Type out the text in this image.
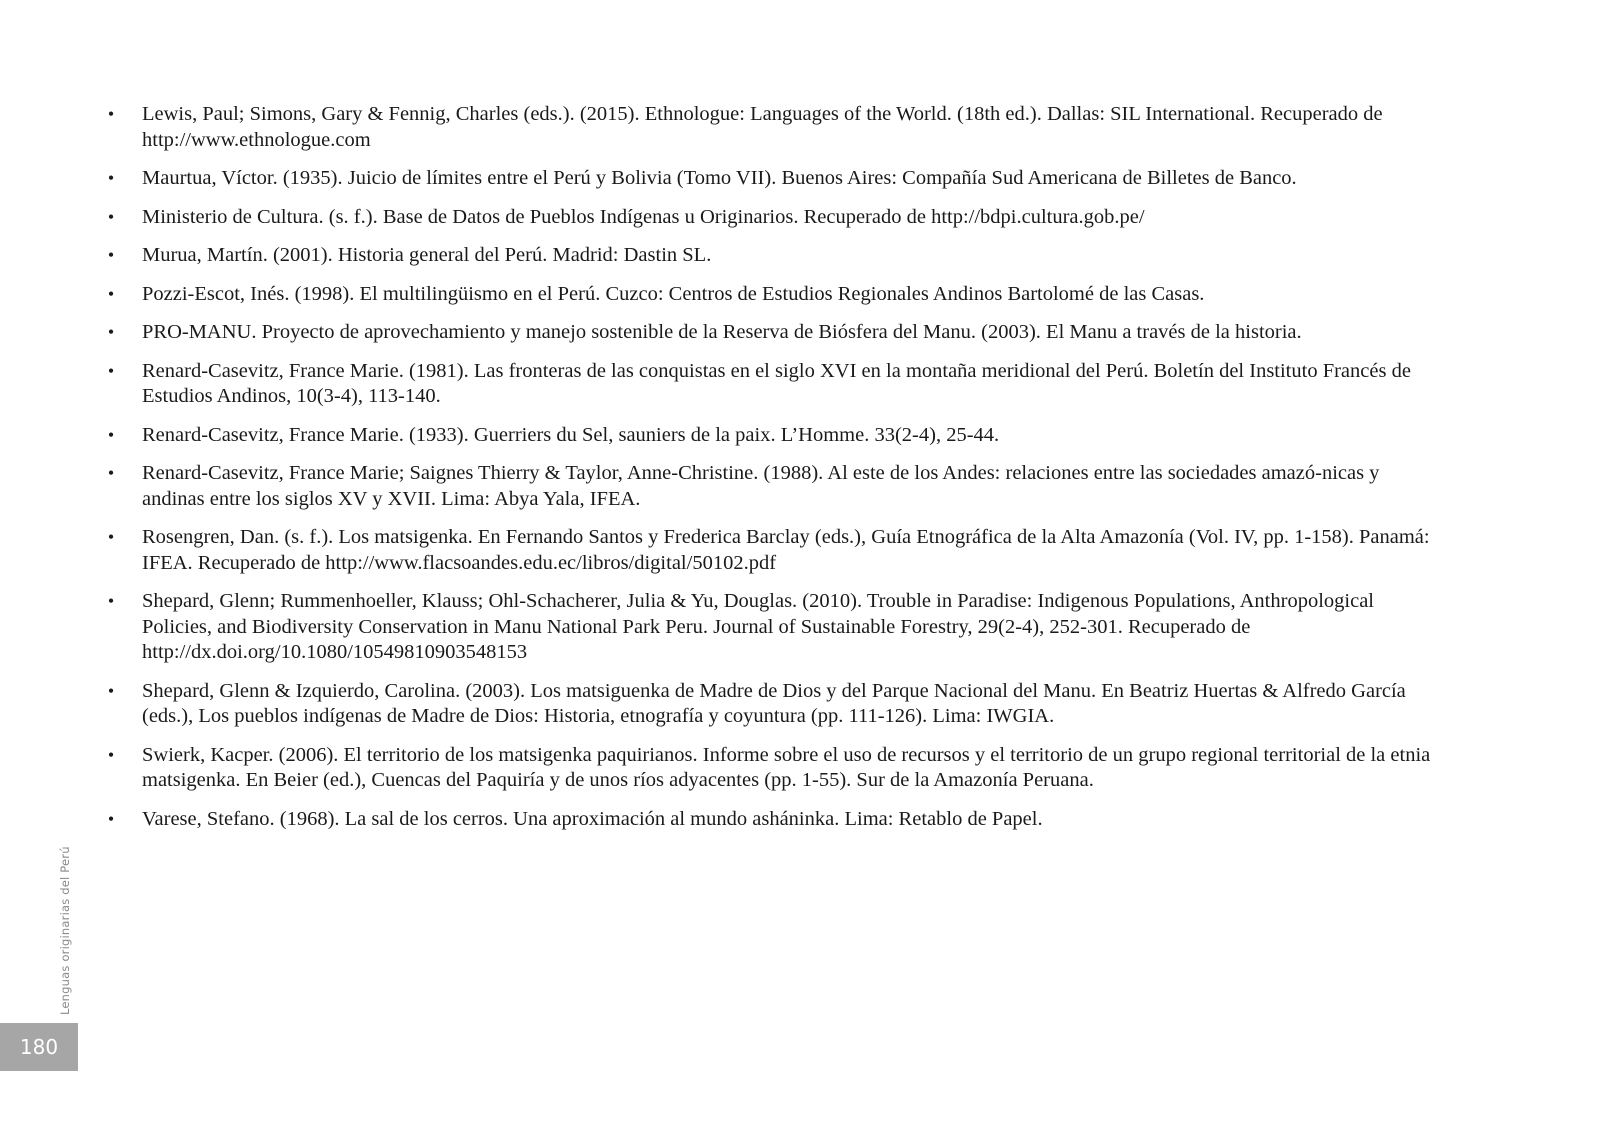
• Lewis, Paul; Simons, Gary & Fennig, Charles (eds.). (2015). Ethnologue: Languages of the World. (18th ed.). Dallas: SIL International. Recuperado de http://www.ethnologue.com
• Maurtua, Víctor. (1935). Juicio de límites entre el Perú y Bolivia (Tomo VII). Buenos Aires: Compañía Sud Americana de Billetes de Banco.
• Ministerio de Cultura. (s. f.). Base de Datos de Pueblos Indígenas u Originarios. Recuperado de http://bdpi.cultura.gob.pe/
• Murua, Martín. (2001). Historia general del Perú. Madrid: Dastin SL.
• Pozzi-Escot, Inés. (1998). El multilingüismo en el Perú. Cuzco: Centros de Estudios Regionales Andinos Bartolomé de las Casas.
• PRO-MANU. Proyecto de aprovechamiento y manejo sostenible de la Reserva de Biósfera del Manu. (2003). El Manu a través de la historia.
• Renard-Casevitz, France Marie. (1981). Las fronteras de las conquistas en el siglo XVI en la montaña meridional del Perú. Boletín del Instituto Francés de Estudios Andinos, 10(3-4), 113-140.
• Renard-Casevitz, France Marie. (1933). Guerriers du Sel, sauniers de la paix. L’Homme. 33(2-4), 25-44.
• Renard-Casevitz, France Marie; Saignes Thierry & Taylor, Anne-Christine. (1988). Al este de los Andes: relaciones entre las sociedades amazó-nicas y andinas entre los siglos XV y XVII. Lima: Abya Yala, IFEA.
• Rosengren, Dan. (s. f.). Los matsigenka. En Fernando Santos y Frederica Barclay (eds.), Guía Etnográfica de la Alta Amazonía (Vol. IV, pp. 1-158). Panamá: IFEA. Recuperado de http://www.flacsoandes.edu.ec/libros/digital/50102.pdf
• Shepard, Glenn; Rummenhoeller, Klauss; Ohl-Schacherer, Julia & Yu, Douglas. (2010). Trouble in Paradise: Indigenous Populations, Anthropological Policies, and Biodiversity Conservation in Manu National Park Peru. Journal of Sustainable Forestry, 29(2-4), 252-301. Recuperado de http://dx.doi.org/10.1080/10549810903548153
• Shepard, Glenn & Izquierdo, Carolina. (2003). Los matsiguenka de Madre de Dios y del Parque Nacional del Manu. En Beatriz Huertas & Alfredo García (eds.), Los pueblos indígenas de Madre de Dios: Historia, etnografía y coyuntura (pp. 111-126). Lima: IWGIA.
• Swierk, Kacper. (2006). El territorio de los matsigenka paquirianos. Informe sobre el uso de recursos y el territorio de un grupo regional territorial de la etnia matsigenka. En Beier (ed.), Cuencas del Paquiría y de unos ríos adyacentes (pp. 1-55). Sur de la Amazonía Peruana.
• Varese, Stefano. (1968). La sal de los cerros. Una aproximación al mundo asháninka. Lima: Retablo de Papel.
Lenguas originarias del Perú
180
